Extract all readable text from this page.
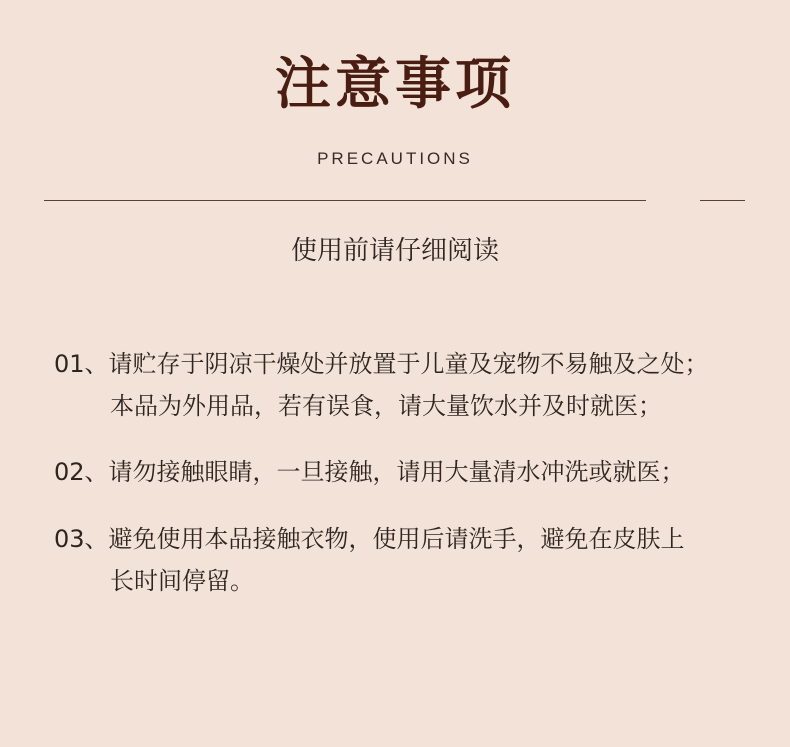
注意事项
PRECAUTIONS
使用前请仔细阅读
01、请贮存于阴凉干燥处并放置于儿童及宠物不易触及之处；
本品为外用品，若有误食，请大量饮水并及时就医；
02、请勿接触眼睛，一旦接触，请用大量清水冲洗或就医；
03、避免使用本品接触衣物，使用后请洗手，避免在皮肤上
长时间停留。
